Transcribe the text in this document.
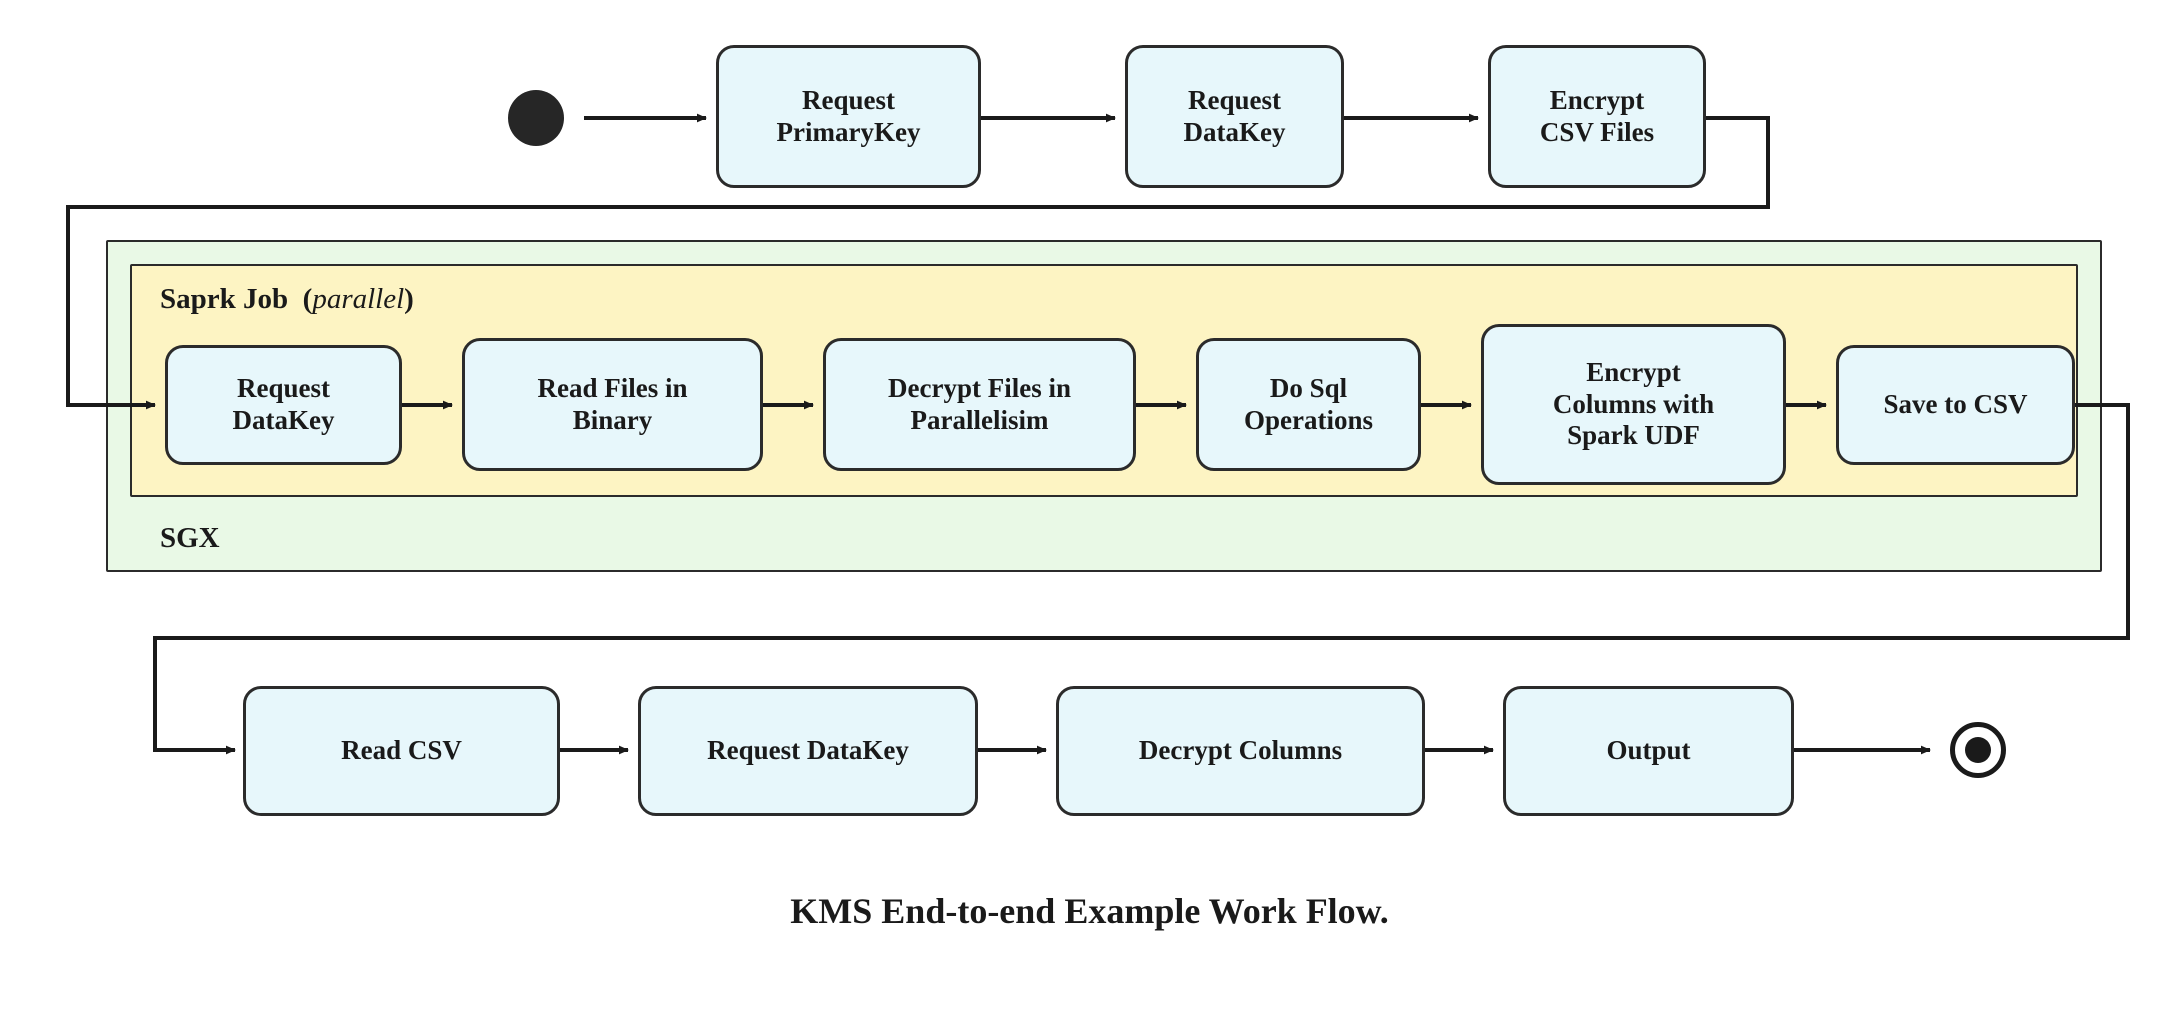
Saprk Job (parallel)
SGX
Request
PrimaryKey
Request
DataKey
Encrypt
CSV Files
Request
DataKey
Read Files in
Binary
Decrypt Files in
Parallelisim
Do Sql
Operations
Encrypt
Columns with
Spark UDF
Save to CSV
Read CSV	Request DataKey	Decrypt Columns	Output
KMS End-to-end Example Work Flow.
